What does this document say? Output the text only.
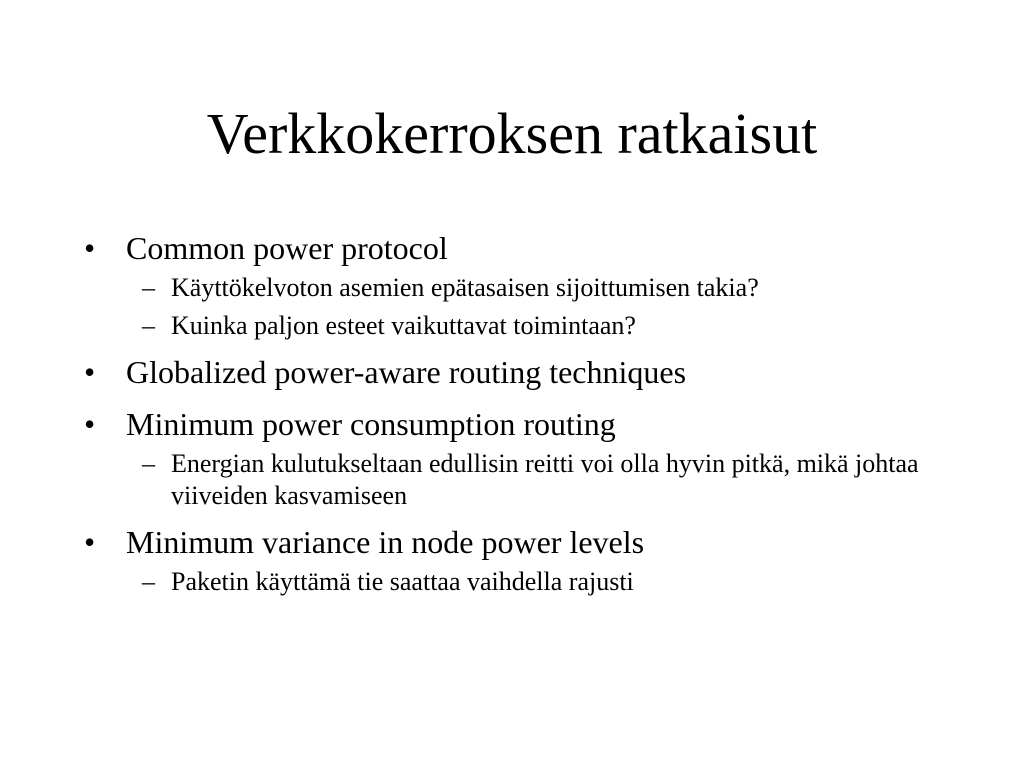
Verkkokerroksen ratkaisut
• Common power protocol
– Käyttökelvoton asemien epätasaisen sijoittumisen takia?
– Kuinka paljon esteet vaikuttavat toimintaan?
• Globalized power-aware routing techniques
• Minimum power consumption routing
– Energian kulutukseltaan edullisin reitti voi olla hyvin pitkä, mikä johtaa viiveiden kasvamiseen
• Minimum variance in node power levels
– Paketin käyttämä tie saattaa vaihdella rajusti
